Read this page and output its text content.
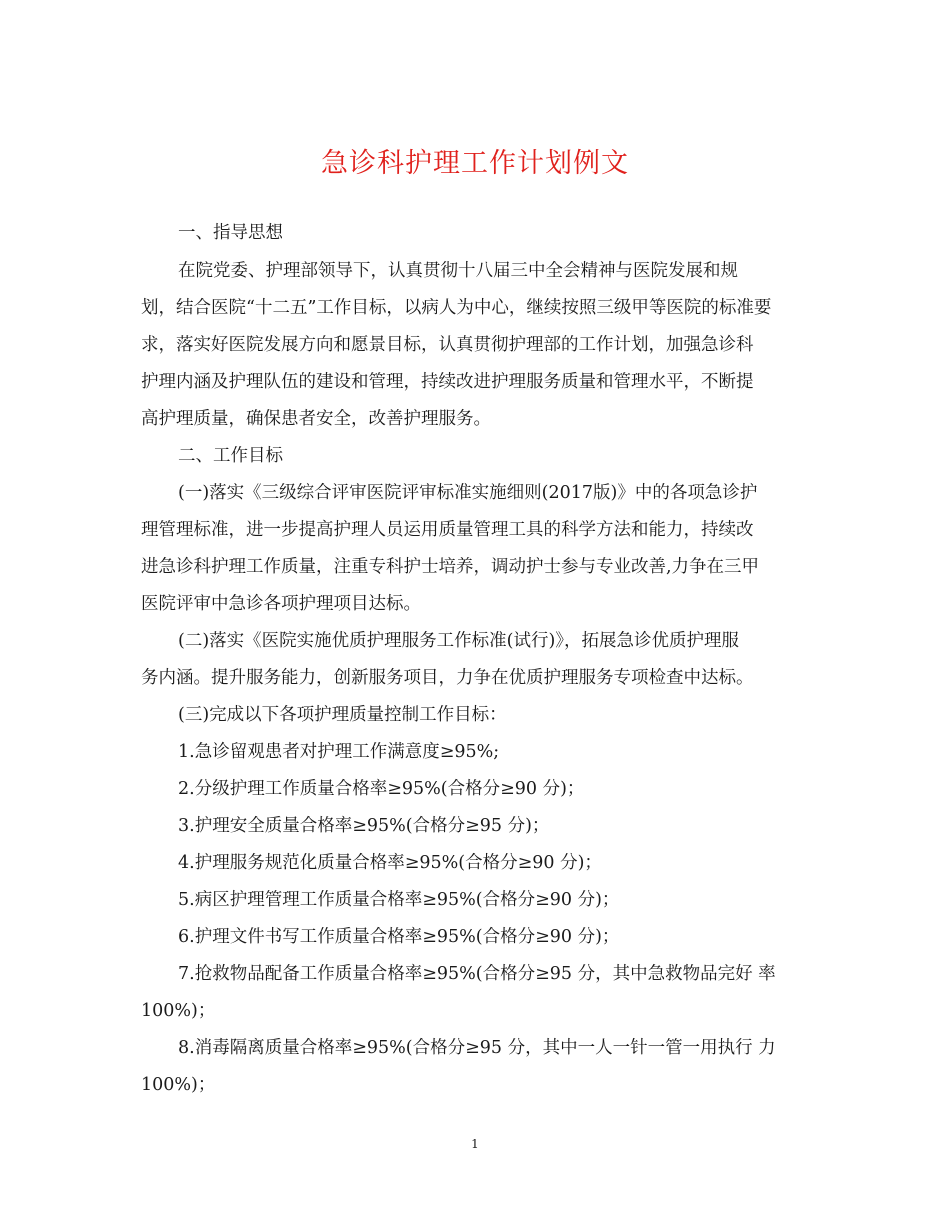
急诊科护理工作计划例文
一、指导思想
在院党委、护理部领导下，认真贯彻十八届三中全会精神与医院发展和规
划，结合医院“十二五”工作目标，以病人为中心，继续按照三级甲等医院的标准要
求，落实好医院发展方向和愿景目标，认真贯彻护理部的工作计划，加强急诊科
护理内涵及护理队伍的建设和管理，持续改进护理服务质量和管理水平，不断提
高护理质量，确保患者安全，改善护理服务。
二、工作目标
(一)落实《三级综合评审医院评审标准实施细则(2017版)》中的各项急诊护
理管理标准，进一步提高护理人员运用质量管理工具的科学方法和能力，持续改
进急诊科护理工作质量，注重专科护士培养，调动护士参与专业改善,力争在三甲
医院评审中急诊各项护理项目达标。
(二)落实《医院实施优质护理服务工作标准(试行)》，拓展急诊优质护理服
务内涵。提升服务能力，创新服务项目，力争在优质护理服务专项检查中达标。
(三)完成以下各项护理质量控制工作目标：
1.急诊留观患者对护理工作满意度≥95%;
2.分级护理工作质量合格率≥95%(合格分≥90 分)；
3.护理安全质量合格率≥95%(合格分≥95 分)；
4.护理服务规范化质量合格率≥95%(合格分≥90 分)；
5.病区护理管理工作质量合格率≥95%(合格分≥90 分)；
6.护理文件书写工作质量合格率≥95%(合格分≥90 分)；
7.抢救物品配备工作质量合格率≥95%(合格分≥95 分，其中急救物品完好 率
100%)；
8.消毒隔离质量合格率≥95%(合格分≥95 分，其中一人一针一管一用执行 力
100%)；
1
